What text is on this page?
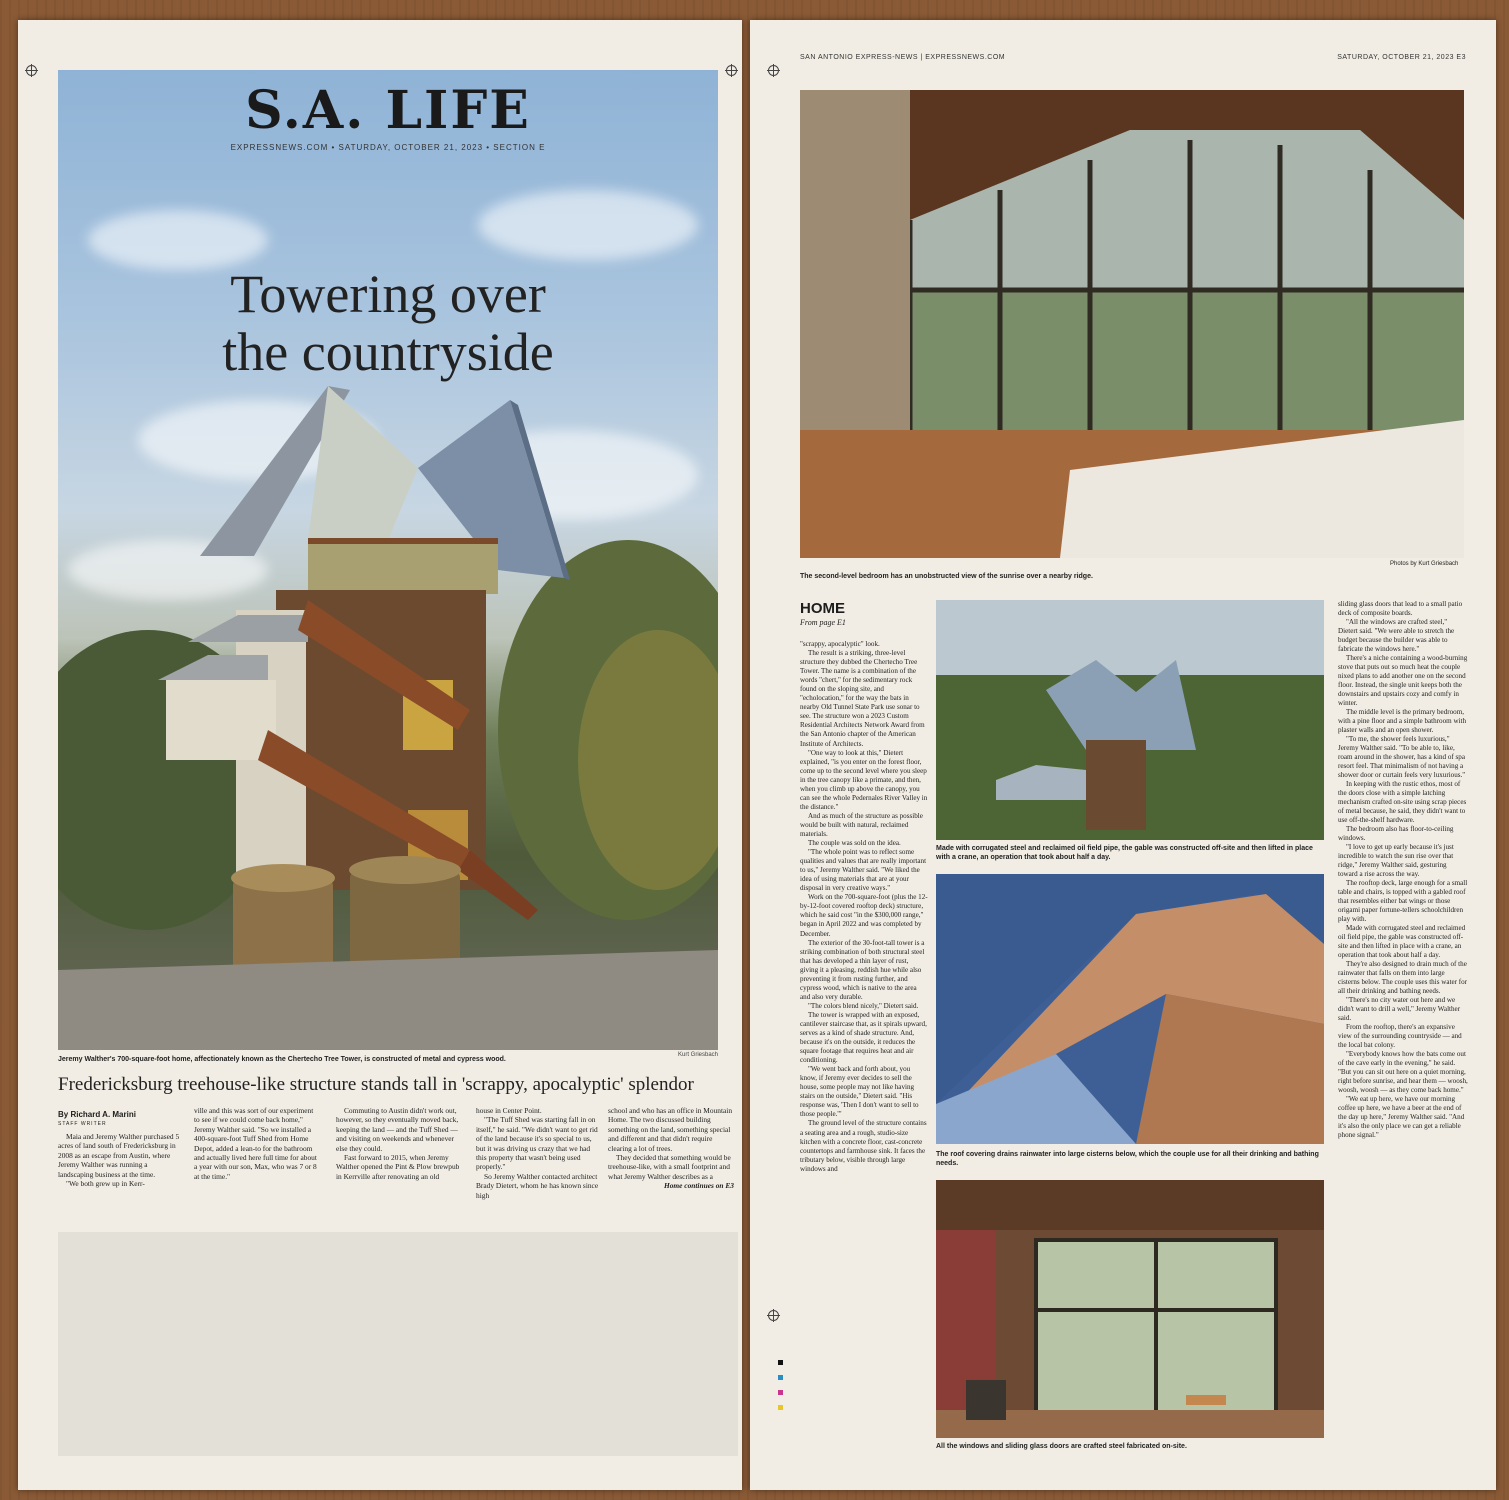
S.A. LIFE
EXPRESSNEWS.COM • SATURDAY, OCTOBER 21, 2023 • SECTION E
Towering over
the countryside
Kurt Griesbach
Jeremy Walther's 700-square-foot home, affectionately known as the Chertecho Tree Tower, is constructed of metal and cypress wood.
Fredericksburg treehouse-like structure stands tall in 'scrappy, apocalyptic' splendor
By Richard A. Marini
STAFF WRITER

Maia and Jeremy Walther purchased 5 acres of land south of Fredericksburg in 2008 as an escape from Austin, where Jeremy Walther was running a landscaping business at the time.

"We both grew up in Kerr-

ville and this was sort of our experiment to see if we could come back home," Jeremy Walther said. "So we installed a 400-square-foot Tuff Shed from Home Depot, added a lean-to for the bathroom and actually lived here full time for about a year with our son, Max, who was 7 or 8 at the time."

Commuting to Austin didn't work out, however, so they eventually moved back, keeping the land — and the Tuff Shed — and visiting on weekends and whenever else they could.

Fast forward to 2015, when Jeremy Walther opened the Pint & Plow brewpub in Kerrville after renovating an old

house in Center Point.

"The Tuff Shed was starting fall in on itself," he said. "We didn't want to get rid of the land because it's so special to us, but it was driving us crazy that we had this property that wasn't being used properly."

So Jeremy Walther contacted architect Brady Dietert, whom he has known since high

school and who has an office in Mountain Home. The two discussed building something on the land, something special and different and that didn't require clearing a lot of trees.

They decided that something would be treehouse-like, with a small footprint and what Jeremy Walther describes as a

Home continues on E3

SAN ANTONIO EXPRESS-NEWS | EXPRESSNEWS.COM	SATURDAY, OCTOBER 21, 2023 E3
The second-level bedroom has an unobstructed view of the sunrise over a nearby ridge.
Photos by Kurt Griesbach
HOME
From page E1

"scrappy, apocalyptic" look.

The result is a striking, three-level structure they dubbed the Chertecho Tree Tower. The name is a combination of the words "chert," for the sedimentary rock found on the sloping site, and "echolocation," for the way the bats in nearby Old Tunnel State Park use sonar to see. The structure won a 2023 Custom Residential Architects Network Award from the San Antonio chapter of the American Institute of Architects.

"One way to look at this," Dietert explained, "is you enter on the forest floor, come up to the second level where you sleep in the tree canopy like a primate, and then, when you climb up above the canopy, you can see the whole Pedernales River Valley in the distance."

And as much of the structure as possible would be built with natural, reclaimed materials.

The couple was sold on the idea.

"The whole point was to reflect some qualities and values that are really important to us," Jeremy Walther said. "We liked the idea of using materials that are at your disposal in very creative ways."

Work on the 700-square-foot (plus the 12-by-12-foot covered rooftop deck) structure, which he said cost "in the $300,000 range," began in April 2022 and was completed by December.

The exterior of the 30-foot-tall tower is a striking combination of both structural steel that has developed a thin layer of rust, giving it a pleasing, reddish hue while also preventing it from rusting further, and cypress wood, which is native to the area and also very durable.

"The colors blend nicely," Dietert said.

The tower is wrapped with an exposed, cantilever staircase that, as it spirals upward, serves as a kind of shade structure. And, because it's on the outside, it reduces the square footage that requires heat and air conditioning.

"We went back and forth about, you know, if Jeremy ever decides to sell the house, some people may not like having stairs on the outside," Dietert said. "His response was, 'Then I don't want to sell to those people.'"

The ground level of the structure contains a seating area and a rough, studio-size kitchen with a concrete floor, cast-concrete countertops and farmhouse sink. It faces the tributary below, visible through large windows and

Made with corrugated steel and reclaimed oil field pipe, the gable was constructed off-site and then lifted in place with a crane, an operation that took about half a day.
The roof covering drains rainwater into large cisterns below, which the couple use for all their drinking and bathing needs.
All the windows and sliding glass doors are crafted steel fabricated on-site.

sliding glass doors that lead to a small patio deck of composite boards.

"All the windows are crafted steel," Dietert said. "We were able to stretch the budget because the builder was able to fabricate the windows here."

There's a niche containing a wood-burning stove that puts out so much heat the couple nixed plans to add another one on the second floor. Instead, the single unit keeps both the downstairs and upstairs cozy and comfy in winter.

The middle level is the primary bedroom, with a pine floor and a simple bathroom with plaster walls and an open shower.

"To me, the shower feels luxurious," Jeremy Walther said. "To be able to, like, roam around in the shower, has a kind of spa resort feel. That minimalism of not having a shower door or curtain feels very luxurious."

In keeping with the rustic ethos, most of the doors close with a simple latching mechanism crafted on-site using scrap pieces of metal because, he said, they didn't want to use off-the-shelf hardware.

The bedroom also has floor-to-ceiling windows.

"I love to get up early because it's just incredible to watch the sun rise over that ridge," Jeremy Walther said, gesturing toward a rise across the way.

The rooftop deck, large enough for a small table and chairs, is topped with a gabled roof that resembles either bat wings or those origami paper fortune-tellers schoolchildren play with.

Made with corrugated steel and reclaimed oil field pipe, the gable was constructed off-site and then lifted in place with a crane, an operation that took about half a day.

They're also designed to drain much of the rainwater that falls on them into large cisterns below. The couple uses this water for all their drinking and bathing needs.

"There's no city water out here and we didn't want to drill a well," Jeremy Walther said.

From the rooftop, there's an expansive view of the surrounding countryside — and the local bat colony.

"Everybody knows how the bats come out of the cave early in the evening," he said. "But you can sit out here on a quiet morning, right before sunrise, and hear them — woosh, woosh, woosh — as they come back home."

"We eat up here, we have our morning coffee up here, we have a beer at the end of the day up here," Jeremy Walther said. "And it's also the only place we can get a reliable phone signal."
